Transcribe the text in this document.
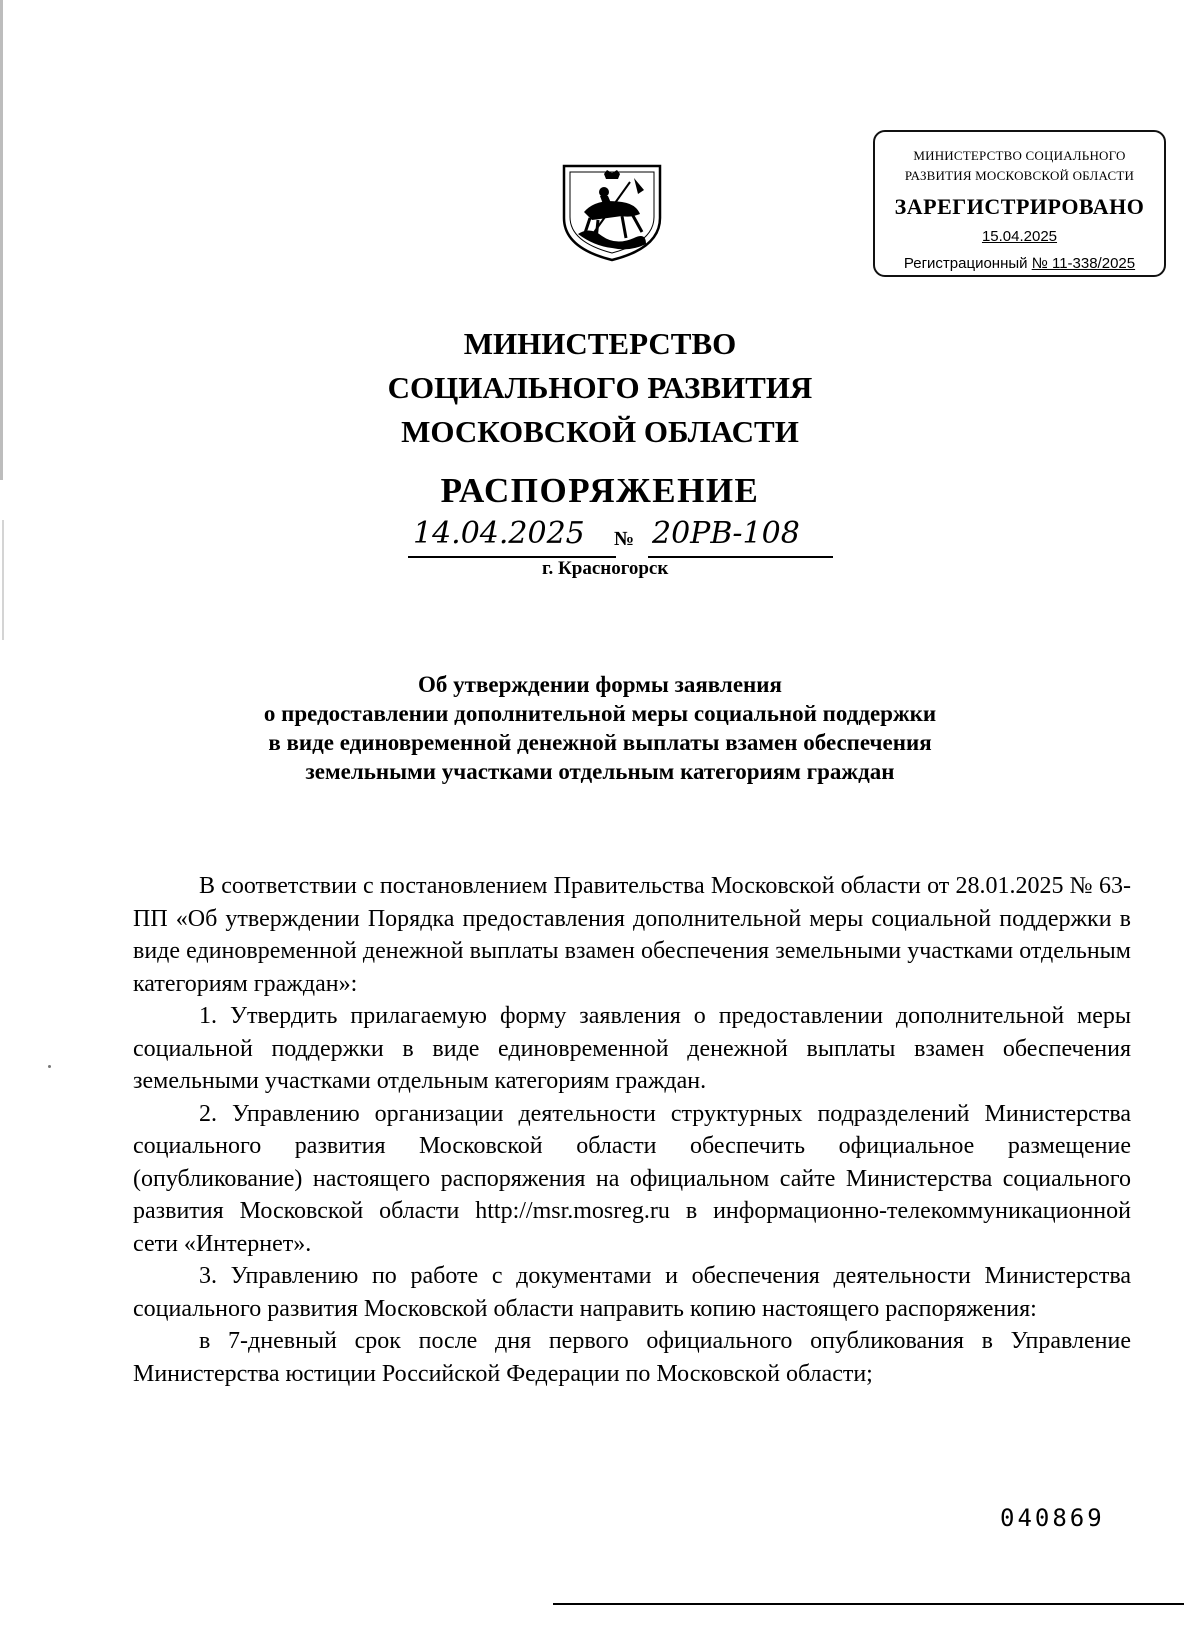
МИНИСТЕРСТВО СОЦИАЛЬНОГО
РАЗВИТИЯ МОСКОВСКОЙ ОБЛАСТИ
ЗАРЕГИСТРИРОВАНО
15.04.2025
Регистрационный № 11-338/2025
МИНИСТЕРСТВО
СОЦИАЛЬНОГО РАЗВИТИЯ
МОСКОВСКОЙ ОБЛАСТИ
РАСПОРЯЖЕНИЕ
14.04.2025 № 20РВ-108
г. Красногорск
Об утверждении формы заявления
о предоставлении дополнительной меры социальной поддержки
в виде единовременной денежной выплаты взамен обеспечения
земельными участками отдельным категориям граждан

В соответствии с постановлением Правительства Московской области от 28.01.2025 № 63-ПП «Об утверждении Порядка предоставления дополнительной меры социальной поддержки в виде единовременной денежной выплаты взамен обеспечения земельными участками отдельным категориям граждан»:

1. Утвердить прилагаемую форму заявления о предоставлении дополнительной меры социальной поддержки в виде единовременной денежной выплаты взамен обеспечения земельными участками отдельным категориям граждан.

2. Управлению организации деятельности структурных подразделений Министерства социального развития Московской области обеспечить официальное размещение (опубликование) настоящего распоряжения на официальном сайте Министерства социального развития Московской области http://msr.mosreg.ru в информационно-телекоммуникационной сети «Интернет».

3. Управлению по работе с документами и обеспечения деятельности Министерства социального развития Московской области направить копию настоящего распоряжения:

в 7-дневный срок после дня первого официального опубликования в Управление Министерства юстиции Российской Федерации по Московской области;

040869
